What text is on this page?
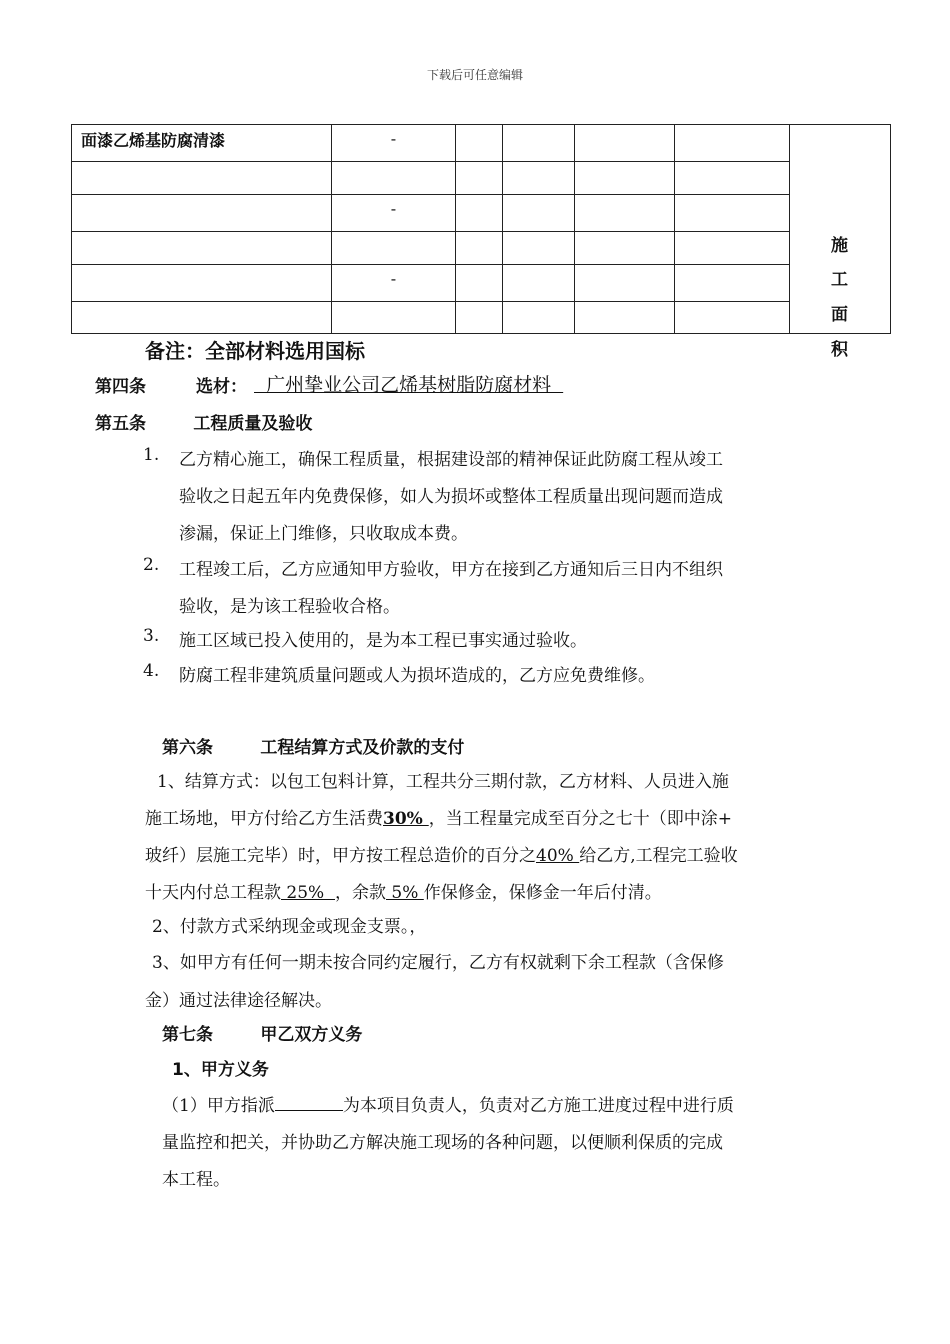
下载后可任意编辑
面漆乙烯基防腐清漆	-					

	-					

	-					

施
工
面
积
备注：全部材料选用国标
第四条	选材： 广州挚业公司乙烯基树脂防腐材料
第五条        工程质量及验收
1. 乙方精心施工，确保工程质量，根据建设部的精神保证此防腐工程从竣工
验收之日起五年内免费保修，如人为损坏或整体工程质量出现问题而造成
渗漏，保证上门维修，只收取成本费。
2. 工程竣工后，乙方应通知甲方验收，甲方在接到乙方通知后三日内不组织
验收，是为该工程验收合格。
3. 施工区域已投入使用的，是为本工程已事实通过验收。
4. 防腐工程非建筑质量问题或人为损坏造成的，乙方应免费维修。
第六条        工程结算方式及价款的支付
1、结算方式：以包工包料计算，工程共分三期付款，乙方材料、人员进入施
施工场地，甲方付给乙方生活费30% ，当工程量完成至百分之七十（即中涂+
玻纤）层施工完毕）时，甲方按工程总造价的百分之40% 给乙方,工程完工验收
十天内付总工程款 25%  ，余款 5% 作保修金，保修金一年后付清。
2、付款方式采纳现金或现金支票。，
3、如甲方有任何一期未按合同约定履行，乙方有权就剩下余工程款（含保修
金）通过法律途径解决。
第七条        甲乙双方义务
1、甲方义务
（1）甲方指派	为本项目负责人，负责对乙方施工进度过程中进行质
量监控和把关，并协助乙方解决施工现场的各种问题，以便顺利保质的完成
本工程。
